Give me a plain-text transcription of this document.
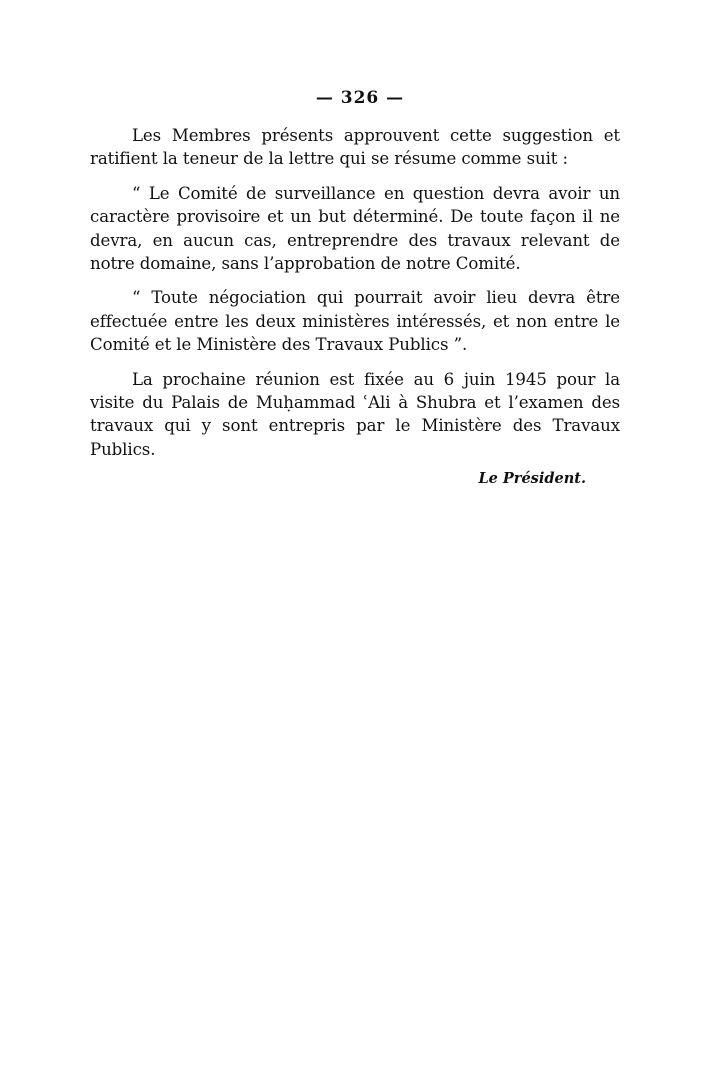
— 326 —

Les Membres présents approuvent cette suggestion et ratifient la teneur de la lettre qui se résume comme suit :

“ Le Comité de surveillance en question devra avoir un caractère provisoire et un but déterminé. De toute façon il ne devra, en aucun cas, entreprendre des travaux relevant de notre domaine, sans l’approbation de notre Comité.

“ Toute négociation qui pourrait avoir lieu devra être effectuée entre les deux ministères intéressés, et non entre le Comité et le Ministère des Travaux Publics ”.

La prochaine réunion est fixée au 6 juin 1945 pour la visite du Palais de Muḥammad ʿAli à Shubra et l’examen des travaux qui y sont entrepris par le Ministère des Travaux Publics.

Le Président.
